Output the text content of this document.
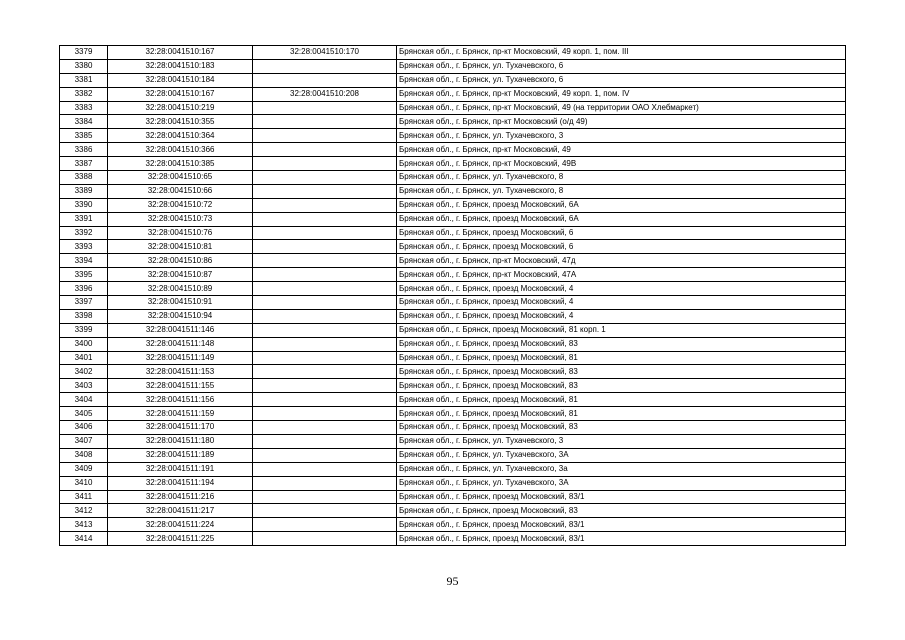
3379	32:28:0041510:167	32:28:0041510:170	Брянская обл., г. Брянск, пр-кт Московский, 49 корп. 1, пом. III
3380	32:28:0041510:183		Брянская обл., г. Брянск, ул. Тухачевского, 6
3381	32:28:0041510:184		Брянская обл., г. Брянск, ул. Тухачевского, 6
3382	32:28:0041510:167	32:28:0041510:208	Брянская обл., г. Брянск, пр-кт Московский, 49 корп. 1, пом. IV
3383	32:28:0041510:219		Брянская обл., г. Брянск, пр-кт Московский, 49 (на территории ОАО Хлебмаркет)
3384	32:28:0041510:355		Брянская обл., г. Брянск, пр-кт Московский (о/д 49)
3385	32:28:0041510:364		Брянская обл., г. Брянск, ул. Тухачевского, 3
3386	32:28:0041510:366		Брянская обл., г. Брянск, пр-кт Московский, 49
3387	32:28:0041510:385		Брянская обл., г. Брянск, пр-кт Московский, 49В
3388	32:28:0041510:65		Брянская обл., г. Брянск, ул. Тухачевского, 8
3389	32:28:0041510:66		Брянская обл., г. Брянск, ул. Тухачевского, 8
3390	32:28:0041510:72		Брянская обл., г. Брянск, проезд Московский, 6А
3391	32:28:0041510:73		Брянская обл., г. Брянск, проезд Московский, 6А
3392	32:28:0041510:76		Брянская обл., г. Брянск, проезд Московский, 6
3393	32:28:0041510:81		Брянская обл., г. Брянск, проезд Московский, 6
3394	32:28:0041510:86		Брянская обл., г. Брянск, пр-кт Московский, 47д
3395	32:28:0041510:87		Брянская обл., г. Брянск, пр-кт Московский, 47А
3396	32:28:0041510:89		Брянская обл., г. Брянск, проезд Московский, 4
3397	32:28:0041510:91		Брянская обл., г. Брянск, проезд Московский, 4
3398	32:28:0041510:94		Брянская обл., г. Брянск, проезд Московский, 4
3399	32:28:0041511:146		Брянская обл., г. Брянск, проезд Московский, 81 корп. 1
3400	32:28:0041511:148		Брянская обл., г. Брянск, проезд Московский, 83
3401	32:28:0041511:149		Брянская обл., г. Брянск, проезд Московский, 81
3402	32:28:0041511:153		Брянская обл., г. Брянск, проезд Московский, 83
3403	32:28:0041511:155		Брянская обл., г. Брянск, проезд Московский, 83
3404	32:28:0041511:156		Брянская обл., г. Брянск, проезд Московский, 81
3405	32:28:0041511:159		Брянская обл., г. Брянск, проезд Московский, 81
3406	32:28:0041511:170		Брянская обл., г. Брянск, проезд Московский, 83
3407	32:28:0041511:180		Брянская обл., г. Брянск, ул. Тухачевского, 3
3408	32:28:0041511:189		Брянская обл., г. Брянск, ул. Тухачевского, 3А
3409	32:28:0041511:191		Брянская обл., г. Брянск, ул. Тухачевского, 3а
3410	32:28:0041511:194		Брянская обл., г. Брянск, ул. Тухачевского, 3А
3411	32:28:0041511:216		Брянская обл., г. Брянск, проезд Московский, 83/1
3412	32:28:0041511:217		Брянская обл., г. Брянск, проезд Московский, 83
3413	32:28:0041511:224		Брянская обл., г. Брянск, проезд Московский, 83/1
3414	32:28:0041511:225		Брянская обл., г. Брянск, проезд Московский, 83/1
95
